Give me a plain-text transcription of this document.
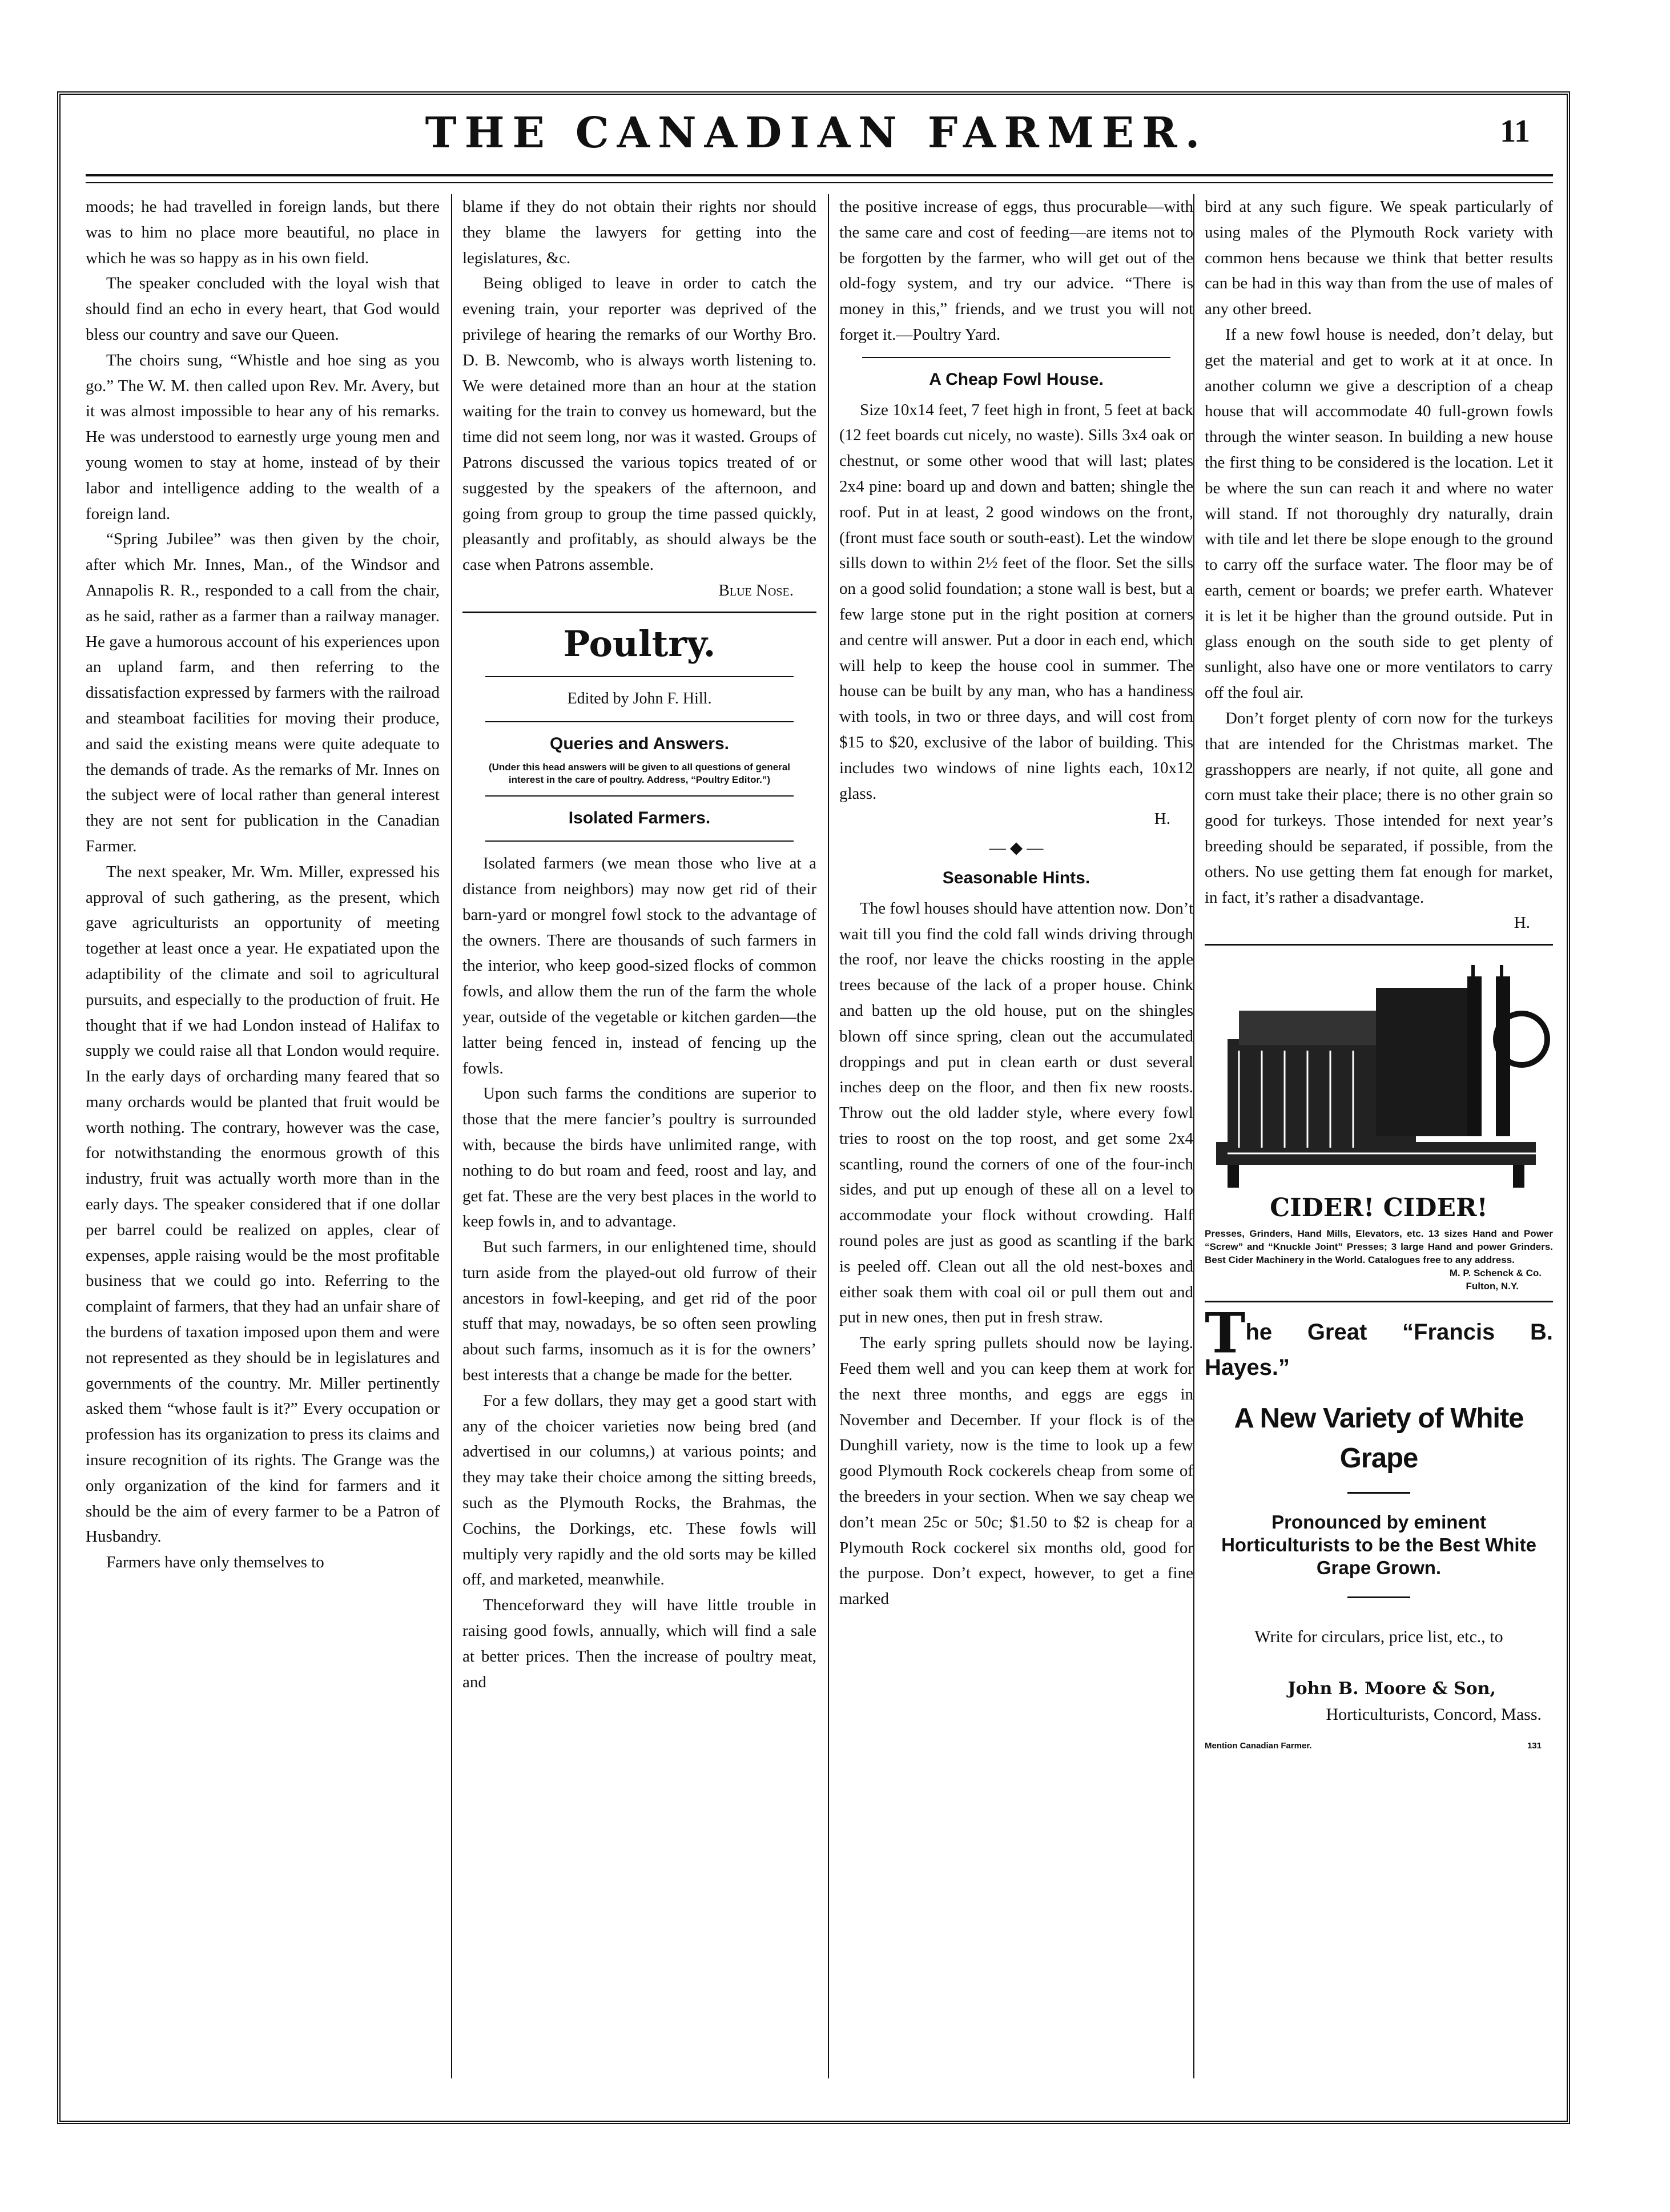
THE CANADIAN FARMER.	11

moods; he had travelled in foreign lands, but there was to him no place more beautiful, no place in which he was so happy as in his own field.

The speaker concluded with the loyal wish that should find an echo in every heart, that God would bless our country and save our Queen.

The choirs sung, “Whistle and hoe sing as you go.” The W. M. then called upon Rev. Mr. Avery, but it was almost impossible to hear any of his remarks. He was understood to earnestly urge young men and young women to stay at home, instead of by their labor and intelligence adding to the wealth of a foreign land.

“Spring Jubilee” was then given by the choir, after which Mr. Innes, Man., of the Windsor and Annapolis R. R., responded to a call from the chair, as he said, rather as a farmer than a railway manager. He gave a humorous account of his experiences upon an upland farm, and then referring to the dissatisfaction expressed by farmers with the railroad and steamboat facilities for moving their produce, and said the existing means were quite adequate to the demands of trade. As the remarks of Mr. Innes on the subject were of local rather than general interest they are not sent for publication in the Canadian Farmer.

The next speaker, Mr. Wm. Miller, expressed his approval of such gathering, as the present, which gave agriculturists an opportunity of meeting together at least once a year. He expatiated upon the adaptibility of the climate and soil to agricultural pursuits, and especially to the production of fruit. He thought that if we had London instead of Halifax to supply we could raise all that London would require. In the early days of orcharding many feared that so many orchards would be planted that fruit would be worth nothing. The contrary, however was the case, for notwithstanding the enormous growth of this industry, fruit was actually worth more than in the early days. The speaker considered that if one dollar per barrel could be realized on apples, clear of expenses, apple raising would be the most profitable business that we could go into. Referring to the complaint of farmers, that they had an unfair share of the burdens of taxation imposed upon them and were not represented as they should be in legislatures and governments of the country. Mr. Miller pertinently asked them “whose fault is it?” Every occupation or profession has its organization to press its claims and insure recognition of its rights. The Grange was the only organization of the kind for farmers and it should be the aim of every farmer to be a Patron of Husbandry.

Farmers have only themselves to

blame if they do not obtain their rights nor should they blame the lawyers for getting into the legislatures, &c.

Being obliged to leave in order to catch the evening train, your reporter was deprived of the privilege of hearing the remarks of our Worthy Bro. D. B. Newcomb, who is always worth listening to. We were detained more than an hour at the station waiting for the train to convey us homeward, but the time did not seem long, nor was it wasted. Groups of Patrons discussed the various topics treated of or suggested by the speakers of the afternoon, and going from group to group the time passed quickly, pleasantly and profitably, as should always be the case when Patrons assemble.

Blue Nose.
Poultry.
Edited by John F. Hill.
Queries and Answers.
(Under this head answers will be given to all questions of general interest in the care of poultry. Address, “Poultry Editor.”)
Isolated Farmers.

Isolated farmers (we mean those who live at a distance from neighbors) may now get rid of their barn-yard or mongrel fowl stock to the advantage of the owners. There are thousands of such farmers in the interior, who keep good-sized flocks of common fowls, and allow them the run of the farm the whole year, outside of the vegetable or kitchen garden—the latter being fenced in, instead of fencing up the fowls.

Upon such farms the conditions are superior to those that the mere fancier’s poultry is surrounded with, because the birds have unlimited range, with nothing to do but roam and feed, roost and lay, and get fat. These are the very best places in the world to keep fowls in, and to advantage.

But such farmers, in our enlightened time, should turn aside from the played-out old furrow of their ancestors in fowl-keeping, and get rid of the poor stuff that may, nowadays, be so often seen prowling about such farms, insomuch as it is for the owners’ best interests that a change be made for the better.

For a few dollars, they may get a good start with any of the choicer varieties now being bred (and advertised in our columns,) at various points; and they may take their choice among the sitting breeds, such as the Plymouth Rocks, the Brahmas, the Cochins, the Dorkings, etc. These fowls will multiply very rapidly and the old sorts may be killed off, and marketed, meanwhile.

Thenceforward they will have little trouble in raising good fowls, annually, which will find a sale at better prices. Then the increase of poultry meat, and

the positive increase of eggs, thus procurable—with the same care and cost of feeding—are items not to be forgotten by the farmer, who will get out of the old-fogy system, and try our advice. “There is money in this,” friends, and we trust you will not forget it.—Poultry Yard.

A Cheap Fowl House.

Size 10x14 feet, 7 feet high in front, 5 feet at back (12 feet boards cut nicely, no waste). Sills 3x4 oak or chestnut, or some other wood that will last; plates 2x4 pine: board up and down and batten; shingle the roof. Put in at least, 2 good windows on the front, (front must face south or south-east). Let the window sills down to within 2½ feet of the floor. Set the sills on a good solid foundation; a stone wall is best, but a few large stone put in the right position at corners and centre will answer. Put a door in each end, which will help to keep the house cool in summer. The house can be built by any man, who has a handiness with tools, in two or three days, and will cost from $15 to $20, exclusive of the labor of building. This includes two windows of nine lights each, 10x12 glass.

H.
— ◆ —
Seasonable Hints.

The fowl houses should have attention now. Don’t wait till you find the cold fall winds driving through the roof, nor leave the chicks roosting in the apple trees because of the lack of a proper house. Chink and batten up the old house, put on the shingles blown off since spring, clean out the accumulated droppings and put in clean earth or dust several inches deep on the floor, and then fix new roosts. Throw out the old ladder style, where every fowl tries to roost on the top roost, and get some 2x4 scantling, round the corners of one of the four-inch sides, and put up enough of these all on a level to accommodate your flock without crowding. Half round poles are just as good as scantling if the bark is peeled off. Clean out all the old nest-boxes and either soak them with coal oil or pull them out and put in new ones, then put in fresh straw.

The early spring pullets should now be laying. Feed them well and you can keep them at work for the next three months, and eggs are eggs in November and December. If your flock is of the Dunghill variety, now is the time to look up a few good Plymouth Rock cockerels cheap from some of the breeders in your section. When we say cheap we don’t mean 25c or 50c; $1.50 to $2 is cheap for a Plymouth Rock cockerel six months old, good for the purpose. Don’t expect, however, to get a fine marked

bird at any such figure. We speak particularly of using males of the Plymouth Rock variety with common hens because we think that better results can be had in this way than from the use of males of any other breed.

If a new fowl house is needed, don’t delay, but get the material and get to work at it at once. In another column we give a description of a cheap house that will accommodate 40 full-grown fowls through the winter season. In building a new house the first thing to be considered is the location. Let it be where the sun can reach it and where no water will stand. If not thoroughly dry naturally, drain with tile and let there be slope enough to the ground to carry off the surface water. The floor may be of earth, cement or boards; we prefer earth. Whatever it is let it be higher than the ground outside. Put in glass enough on the south side to get plenty of sunlight, also have one or more ventilators to carry off the foul air.

Don’t forget plenty of corn now for the turkeys that are intended for the Christmas market. The grasshoppers are nearly, if not quite, all gone and corn must take their place; there is no other grain so good for turkeys. Those intended for next year’s breeding should be separated, if possible, from the others. No use getting them fat enough for market, in fact, it’s rather a disadvantage.

H.
CIDER! CIDER!
Presses, Grinders, Hand Mills, Elevators, etc. 13 sizes Hand and Power “Screw” and “Knuckle Joint” Presses; 3 large Hand and power Grinders. Best Cider Machinery in the World. Catalogues free to any address.
M. P. Schenck & Co.
Fulton, N.Y.
The Great “Francis B. Hayes.”
A New Variety of White Grape
Pronounced by eminent Horticulturists to be the Best White Grape Grown.
Write for circulars, price list, etc., to
John B. Moore & Son,
Horticulturists, Concord, Mass.
Mention Canadian Farmer.	131
